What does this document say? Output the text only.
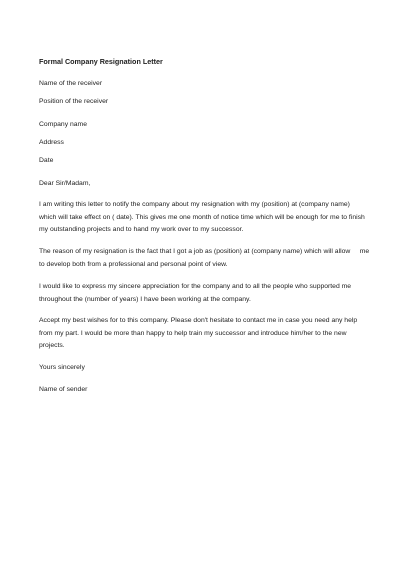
Formal Company Resignation Letter
Name of the receiver
Position of the receiver
Company name
Address
Date
Dear Sir/Madam,
I am writing this letter to notify the company about my resignation with my (position) at (company name)
which will take effect on ( date). This gives me one month of notice time which will be enough for me to finish
my outstanding projects and to hand my work over to my successor.
The reason of my resignation is the fact that I got a job as (position) at (company name) which will allow     me
to develop both from a professional and personal point of view.
I would like to express my sincere appreciation for the company and to all the people who supported me
throughout the (number of years) I have been working at the company.
Accept my best wishes for to this company. Please don't hesitate to contact me in case you need any help
from my part. I would be more than happy to help train my successor and introduce him/her to the new
projects.
Yours sincerely
Name of sender
